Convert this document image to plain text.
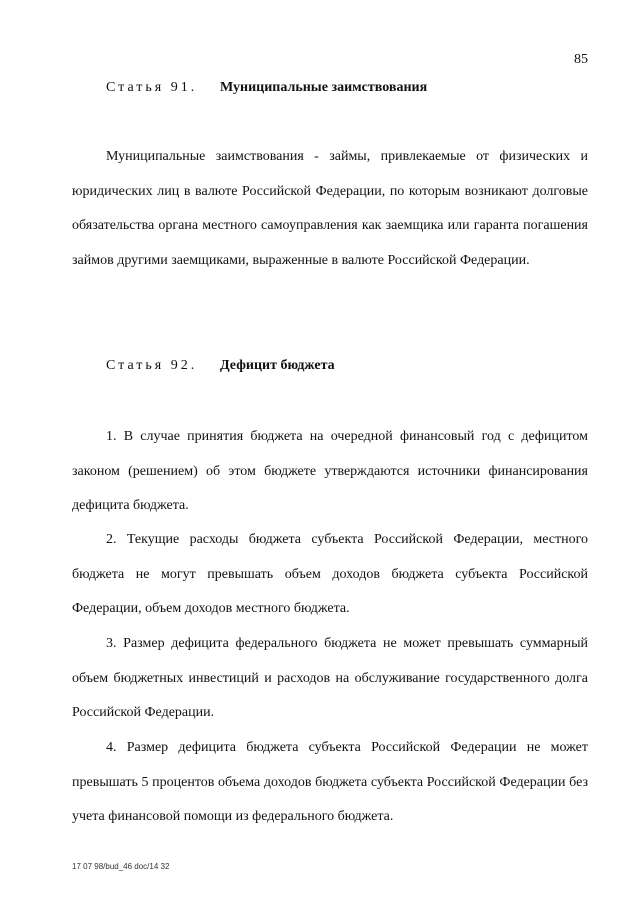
85
Статья 91. Муниципальные заимствования

Муниципальные заимствования - займы, привлекаемые от физических и юридических лиц в валюте Российской Федерации, по которым возникают долговые обязательства органа местного самоуправления как заемщика или гаранта погашения займов другими заемщиками, выраженные в валюте Российской Федерации.

Статья 92. Дефицит бюджета

1. В случае принятия бюджета на очередной финансовый год с дефицитом законом (решением) об этом бюджете утверждаются источники финансирования дефицита бюджета.

2. Текущие расходы бюджета субъекта Российской Федерации, местного бюджета не могут превышать объем доходов бюджета субъекта Российской Федерации, объем доходов местного бюджета.

3. Размер дефицита федерального бюджета не может превышать суммарный объем бюджетных инвестиций и расходов на обслуживание государственного долга Российской Федерации.

4. Размер дефицита бюджета субъекта Российской Федерации не может превышать 5 процентов объема доходов бюджета субъекта Российской Федерации без учета финансовой помощи из федерального бюджета.

17 07 98/bud_46 doc/14 32
